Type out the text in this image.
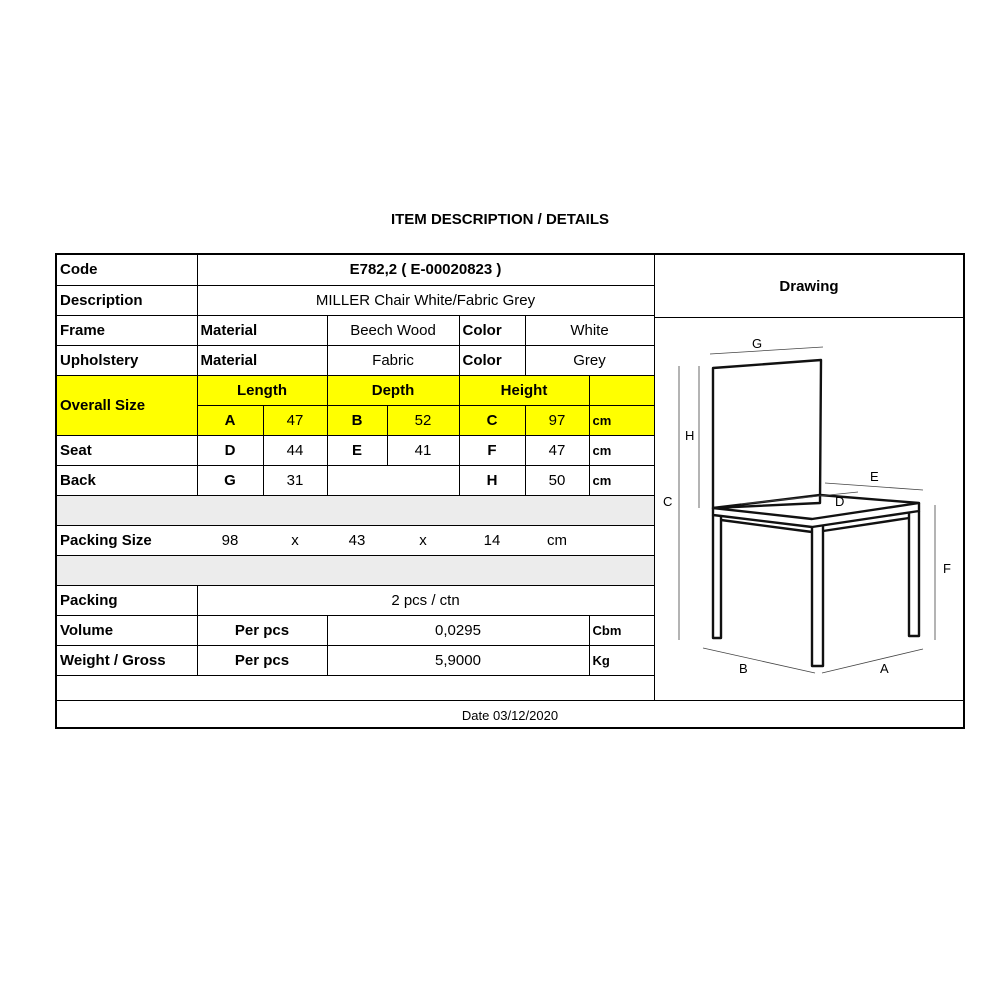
ITEM DESCRIPTION / DETAILS
Code	E782,2 ( E-00020823 )						
Description	MILLER Chair White/Fabric Grey						
Frame	Material		Beech Wood		Color	White	
Upholstery	Material		Fabric		Color	Grey	
Overall Size	Length		Depth		Height		
	A	47	B	52	C	97	cm
Seat	D	44	E	41	F	47	cm
Back	G	31			H	50	cm

Packing Size	98	x	43	x	14	cm	

Packing	2 pcs / ctn						
Volume	Per pcs		0,0295				Cbm
Weight / Gross	Per pcs		5,9000				Kg
Drawing
G
H
C
E
D
F
B	A
Date 03/12/2020
